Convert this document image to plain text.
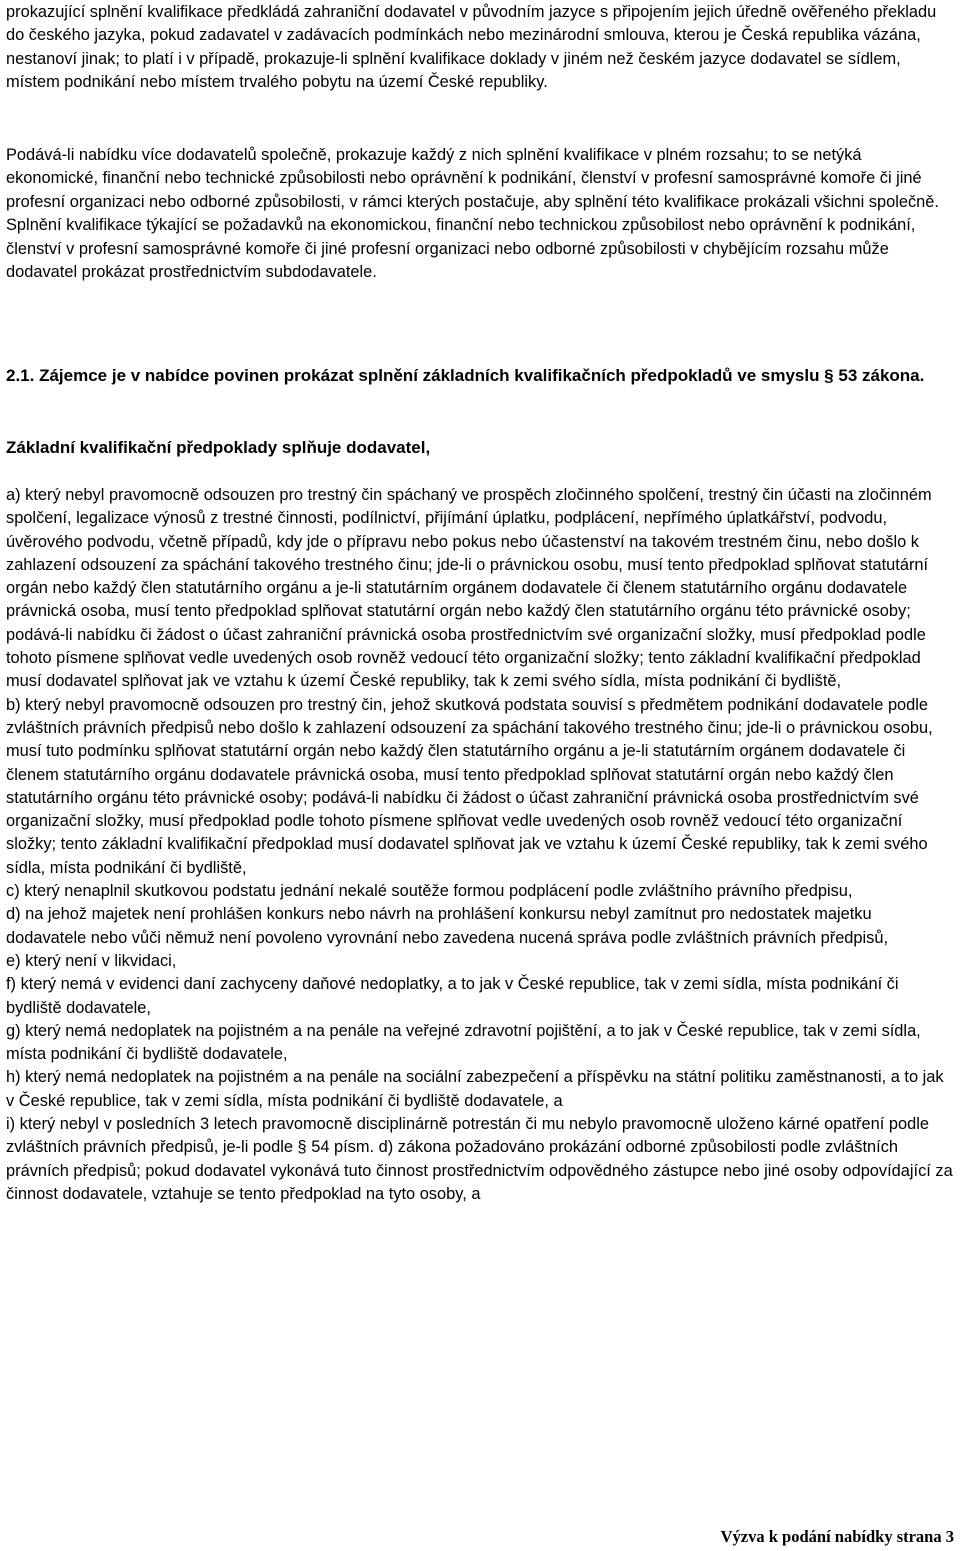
prokazující splnění kvalifikace předkládá zahraniční dodavatel v původním jazyce s připojením jejich úředně ověřeného překladu do českého jazyka, pokud zadavatel v zadávacích podmínkách nebo mezinárodní smlouva, kterou je Česká republika vázána, nestanoví jinak; to platí i v případě, prokazuje-li splnění kvalifikace doklady v jiném než českém jazyce dodavatel se sídlem, místem podnikání nebo místem trvalého pobytu na území České republiky.

Podává-li nabídku více dodavatelů společně, prokazuje každý z nich splnění kvalifikace v plném rozsahu; to se netýká ekonomické, finanční nebo technické způsobilosti nebo oprávnění k podnikání, členství v profesní samosprávné komoře či jiné profesní organizaci nebo odborné způsobilosti, v rámci kterých postačuje, aby splnění této kvalifikace prokázali všichni společně. Splnění kvalifikace týkající se požadavků na ekonomickou, finanční nebo technickou způsobilost nebo oprávnění k podnikání, členství v profesní samosprávné komoře či jiné profesní organizaci nebo odborné způsobilosti v chybějícím rozsahu může dodavatel prokázat prostřednictvím subdodavatele.

2.1. Zájemce je v nabídce povinen prokázat splnění základních kvalifikačních předpokladů ve smyslu § 53 zákona.

Základní kvalifikační předpoklady splňuje dodavatel,

a) který nebyl pravomocně odsouzen pro trestný čin spáchaný ve prospěch zločinného spolčení, trestný čin účasti na zločinném spolčení, legalizace výnosů z trestné činnosti, podílnictví, přijímání úplatku, podplácení, nepřímého úplatkářství, podvodu, úvěrového podvodu, včetně případů, kdy jde o přípravu nebo pokus nebo účastenství na takovém trestném činu, nebo došlo k zahlazení odsouzení za spáchání takového trestného činu; jde-li o právnickou osobu, musí tento předpoklad splňovat statutární orgán nebo každý člen statutárního orgánu a je-li statutárním orgánem dodavatele či členem statutárního orgánu dodavatele právnická osoba, musí tento předpoklad splňovat statutární orgán nebo každý člen statutárního orgánu této právnické osoby; podává-li nabídku či žádost o účast zahraniční právnická osoba prostřednictvím své organizační složky, musí předpoklad podle tohoto písmene splňovat vedle uvedených osob rovněž vedoucí této organizační složky; tento základní kvalifikační předpoklad musí dodavatel splňovat jak ve vztahu k území České republiky, tak k zemi svého sídla, místa podnikání či bydliště,

b) který nebyl pravomocně odsouzen pro trestný čin, jehož skutková podstata souvisí s předmětem podnikání dodavatele podle zvláštních právních předpisů nebo došlo k zahlazení odsouzení za spáchání takového trestného činu; jde-li o právnickou osobu, musí tuto podmínku splňovat statutární orgán nebo každý člen statutárního orgánu a je-li statutárním orgánem dodavatele či členem statutárního orgánu dodavatele právnická osoba, musí tento předpoklad splňovat statutární orgán nebo každý člen statutárního orgánu této právnické osoby; podává-li nabídku či žádost o účast zahraniční právnická osoba prostřednictvím své organizační složky, musí předpoklad podle tohoto písmene splňovat vedle uvedených osob rovněž vedoucí této organizační složky; tento základní kvalifikační předpoklad musí dodavatel splňovat jak ve vztahu k území České republiky, tak k zemi svého sídla, místa podnikání či bydliště,

c) který nenaplnil skutkovou podstatu jednání nekalé soutěže formou podplácení podle zvláštního právního předpisu,

d) na jehož majetek není prohlášen konkurs nebo návrh na prohlášení konkursu nebyl zamítnut pro nedostatek majetku dodavatele nebo vůči němuž není povoleno vyrovnání nebo zavedena nucená správa podle zvláštních právních předpisů,

e) který není v likvidaci,

f) který nemá v evidenci daní zachyceny daňové nedoplatky, a to jak v České republice, tak v zemi sídla, místa podnikání či bydliště dodavatele,

g) který nemá nedoplatek na pojistném a na penále na veřejné zdravotní pojištění, a to jak v České republice, tak v zemi sídla, místa podnikání či bydliště dodavatele,

h) který nemá nedoplatek na pojistném a na penále na sociální zabezpečení a příspěvku na státní politiku zaměstnanosti, a to jak v České republice, tak v zemi sídla, místa podnikání či bydliště dodavatele, a

i) který nebyl v posledních 3 letech pravomocně disciplinárně potrestán či mu nebylo pravomocně uloženo kárné opatření podle zvláštních právních předpisů, je-li podle § 54 písm. d) zákona požadováno prokázání odborné způsobilosti podle zvláštních právních předpisů; pokud dodavatel vykonává tuto činnost prostřednictvím odpovědného zástupce nebo jiné osoby odpovídající za činnost dodavatele, vztahuje se tento předpoklad na tyto osoby, a

Výzva k podání nabídky strana 3
